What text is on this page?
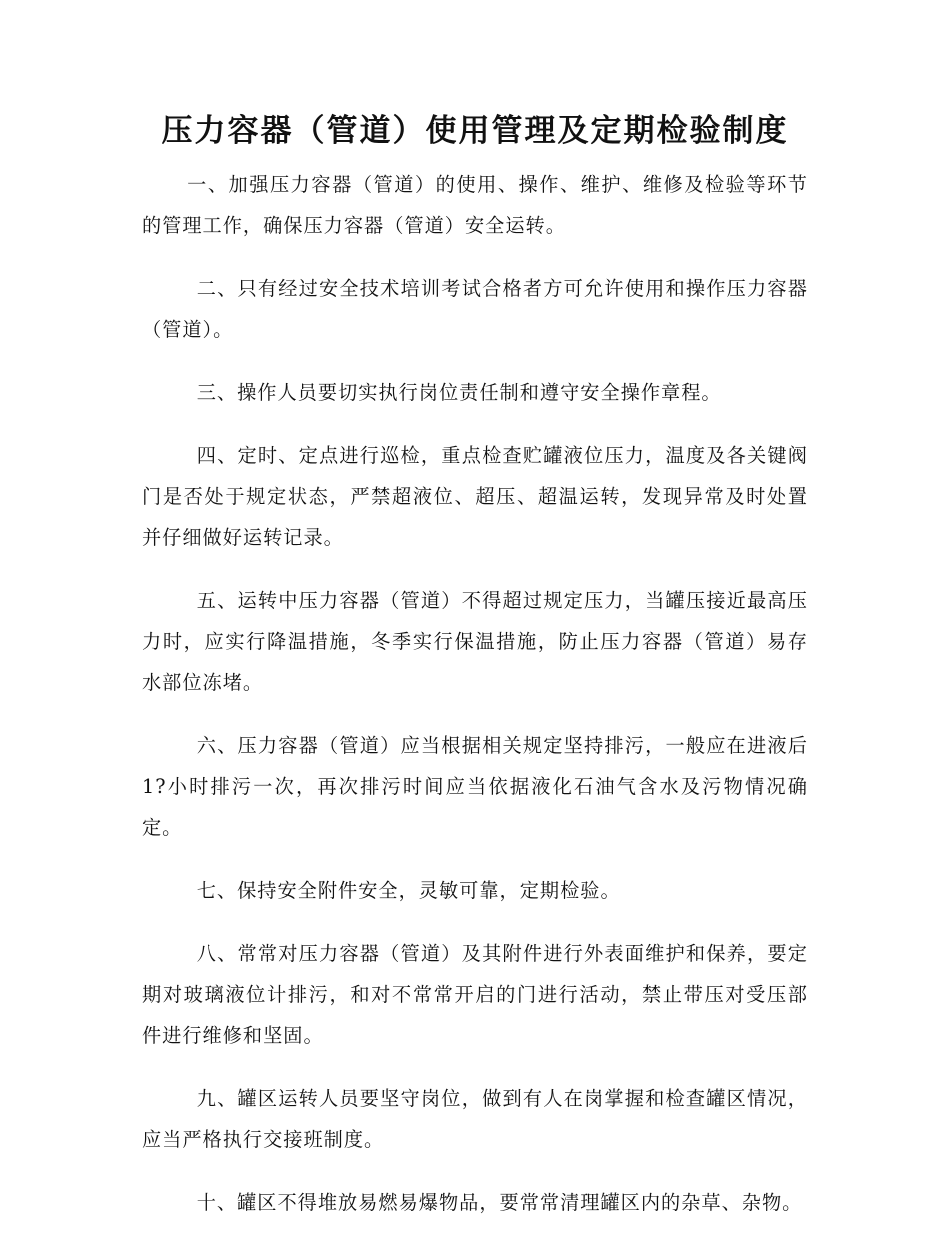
压力容器（管道）使用管理及定期检验制度

一、加强压力容器（管道）的使用、操作、维护、维修及检验等环节的管理工作，确保压力容器（管道）安全运转。

二、只有经过安全技术培训考试合格者方可允许使用和操作压力容器（管道）。

三、操作人员要切实执行岗位责任制和遵守安全操作章程。

四、定时、定点进行巡检，重点检查贮罐液位压力，温度及各关键阀门是否处于规定状态，严禁超液位、超压、超温运转，发现异常及时处置并仔细做好运转记录。

五、运转中压力容器（管道）不得超过规定压力，当罐压接近最高压力时，应实行降温措施，冬季实行保温措施，防止压力容器（管道）易存水部位冻堵。

六、压力容器（管道）应当根据相关规定坚持排污，一般应在进液后1?小时排污一次，再次排污时间应当依据液化石油气含水及污物情况确定。

七、保持安全附件安全，灵敏可靠，定期检验。

八、常常对压力容器（管道）及其附件进行外表面维护和保养，要定期对玻璃液位计排污，和对不常常开启的门进行活动，禁止带压对受压部件进行维修和坚固。

九、罐区运转人员要坚守岗位，做到有人在岗掌握和检查罐区情况，应当严格执行交接班制度。

十、罐区不得堆放易燃易爆物品，要常常清理罐区内的杂草、杂物。
